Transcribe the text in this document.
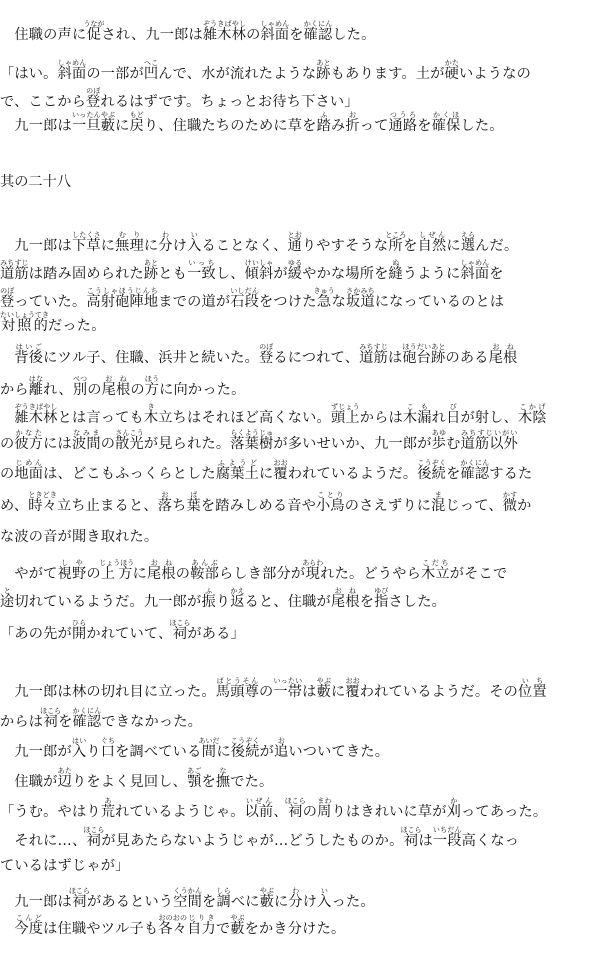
　住職の声に促うながされ、九一郎は雑木林ぞうきばやしの斜面しゃめんを確認かくにんした。
「はい。斜面しゃめんの一部が凹へこんで、水が流れたような跡あともあります。土が硬かたいようなの
で、ここから登のぼれるはずです。ちょっとお待ち下さい」
　九一郎は一旦いったん藪やぶに戻もどり、住職たちのために草を踏ふみ折おって通路つうろを確保かくほした。
其の二十八
　九一郎は下草したくさに無理むりに分わけ入いることなく、通とおりやすそうな所ところを自然しぜんに選えらんだ。
道筋みちすじは踏み固められた跡あととも一致いっちし、傾斜けいしゃが緩ゆるやかな場所を縫ぬうように斜面しゃめんを
登のぼっていた。高射砲陣地こうしゃほうじんちまでの道が石段いしだんをつけた急きゅうな坂道さかみちになっているのとは
対照的たいしょうてきだった。
　背後はいごにツル子、住職、浜井と続いた。登のぼるにつれて、道筋みちすじは砲台跡ほうだいあとのある尾根おね
から離はなれ、別べつの尾根おねの方ほうに向かった。
　雑木林ぞうきばやしとは言っても木き立ちはそれほど高くない。頭上ずじょうからは木漏こもれ日びが射し、木陰こかげ
の彼方かなたには波間なみまの散光さんこうが見られた。落葉樹らくようじゅが多いせいか、九一郎が歩あゆむ道筋以外みちすじいがい
の地面じめんは、どこもふっくらとした腐葉土ふようどに覆おおわれているようだ。後続こうぞくを確認かくにんするた
め、時々ときどき立ち止まると、落おち葉ばを踏みしめる音や小鳥ことりのさえずりに混まじって、微かすか
な波の音が聞き取れた。
　やがて視野しやの上方じょうほうに尾根おねの鞍部あんぶらしき部分が現あらわれた。どうやら木立こだちがそこで
途と切れているようだ。九一郎が振ふり返かえると、住職が尾根おねを指ゆびさした。
「あの先が開ひらかれていて、祠ほこらがある」
　九一郎は林の切れ目に立った。馬頭尊ばとうそんの一帯いったいは藪やぶに覆おおわれているようだ。その位置いち
からは祠ほこらを確認かくにんできなかった。
　九一郎が入はいり口ぐちを調べている間あいだに後続こうぞくが追おいついてきた。
　住職が辺あたりをよく見回し、顎あごを撫なでた。
「うむ。やはり荒あれているようじゃ。以前いぜん、祠ほこらの周まわりはきれいに草が刈かってあった。
　それに…、祠ほこらが見あたらないようじゃが…どうしたものか。祠ほこらは一段いちだん高くなっ
ているはずじゃが」
　九一郎は祠ほこらがあるという空間くうかんを調しらべに藪やぶに分わけ入いった。
　今度こんどは住職やツル子も各々おのおの自力じりきで藪やぶをかき分けた。
